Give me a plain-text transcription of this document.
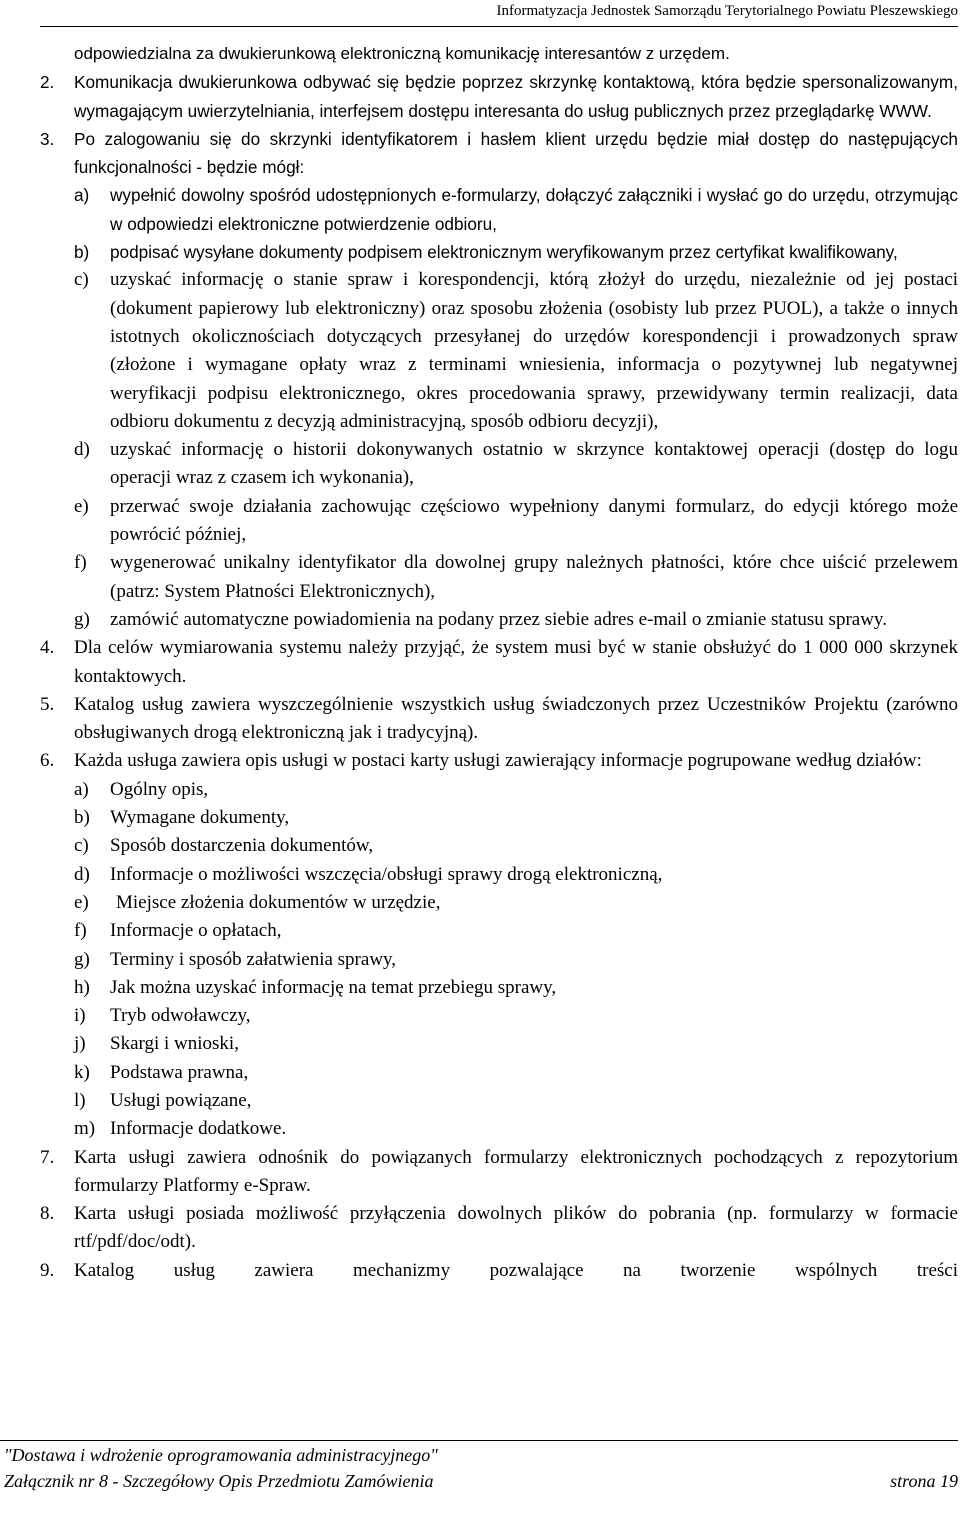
Informatyzacja Jednostek Samorządu Terytorialnego Powiatu Pleszewskiego
odpowiedzialna za dwukierunkową elektroniczną komunikację interesantów z urzędem.
2. Komunikacja dwukierunkowa odbywać się będzie poprzez skrzynkę kontaktową, która będzie spersonalizowanym, wymagającym uwierzytelniania, interfejsem dostępu interesanta do usług publicznych przez przeglądarkę WWW.
3. Po zalogowaniu się do skrzynki identyfikatorem i hasłem klient urzędu będzie miał dostęp do następujących funkcjonalności - będzie mógł:
a) wypełnić dowolny spośród udostępnionych e-formularzy, dołączyć załączniki i wysłać go do urzędu, otrzymując w odpowiedzi elektroniczne potwierdzenie odbioru,
b) podpisać wysyłane dokumenty podpisem elektronicznym weryfikowanym przez certyfikat kwalifikowany,
c) uzyskać informację o stanie spraw i korespondencji, którą złożył do urzędu, niezależnie od jej postaci (dokument papierowy lub elektroniczny) oraz sposobu złożenia (osobisty lub przez PUOL), a także o innych istotnych okolicznościach dotyczących przesyłanej do urzędów korespondencji i prowadzonych spraw (złożone i wymagane opłaty wraz z terminami wniesienia, informacja o pozytywnej lub negatywnej weryfikacji podpisu elektronicznego, okres procedowania sprawy, przewidywany termin realizacji, data odbioru dokumentu z decyzją administracyjną, sposób odbioru decyzji),
d) uzyskać informację o historii dokonywanych ostatnio w skrzynce kontaktowej operacji (dostęp do logu operacji wraz z czasem ich wykonania),
e) przerwać swoje działania zachowując częściowo wypełniony danymi formularz, do edycji którego może powrócić później,
f) wygenerować unikalny identyfikator dla dowolnej grupy należnych płatności, które chce uiścić przelewem (patrz: System Płatności Elektronicznych),
g) zamówić automatyczne powiadomienia na podany przez siebie adres e-mail o zmianie statusu sprawy.
4. Dla celów wymiarowania systemu należy przyjąć, że system musi być w stanie obsłużyć do 1 000 000 skrzynek kontaktowych.
5. Katalog usług zawiera wyszczególnienie wszystkich usług świadczonych przez Uczestników Projektu (zarówno obsługiwanych drogą elektroniczną jak i tradycyjną).
6. Każda usługa zawiera opis usługi w postaci karty usługi zawierający informacje pogrupowane według działów:
a) Ogólny opis,
b) Wymagane dokumenty,
c) Sposób dostarczenia dokumentów,
d) Informacje o możliwości wszczęcia/obsługi sprawy drogą elektroniczną,
e) Miejsce złożenia dokumentów w urzędzie,
f) Informacje o opłatach,
g) Terminy i sposób załatwienia sprawy,
h) Jak można uzyskać informację na temat przebiegu sprawy,
i) Tryb odwoławczy,
j) Skargi i wnioski,
k) Podstawa prawna,
l) Usługi powiązane,
m) Informacje dodatkowe.
7. Karta usługi zawiera odnośnik do powiązanych formularzy elektronicznych pochodzących z repozytorium formularzy Platformy e-Spraw.
8. Karta usługi posiada możliwość przyłączenia dowolnych plików do pobrania (np. formularzy w formacie rtf/pdf/doc/odt).
9. Katalog usług zawiera mechanizmy pozwalające na tworzenie wspólnych treści
"Dostawa i wdrożenie oprogramowania administracyjnego"
Załącznik nr 8 - Szczegółowy Opis Przedmiotu Zamówienia	strona 19
